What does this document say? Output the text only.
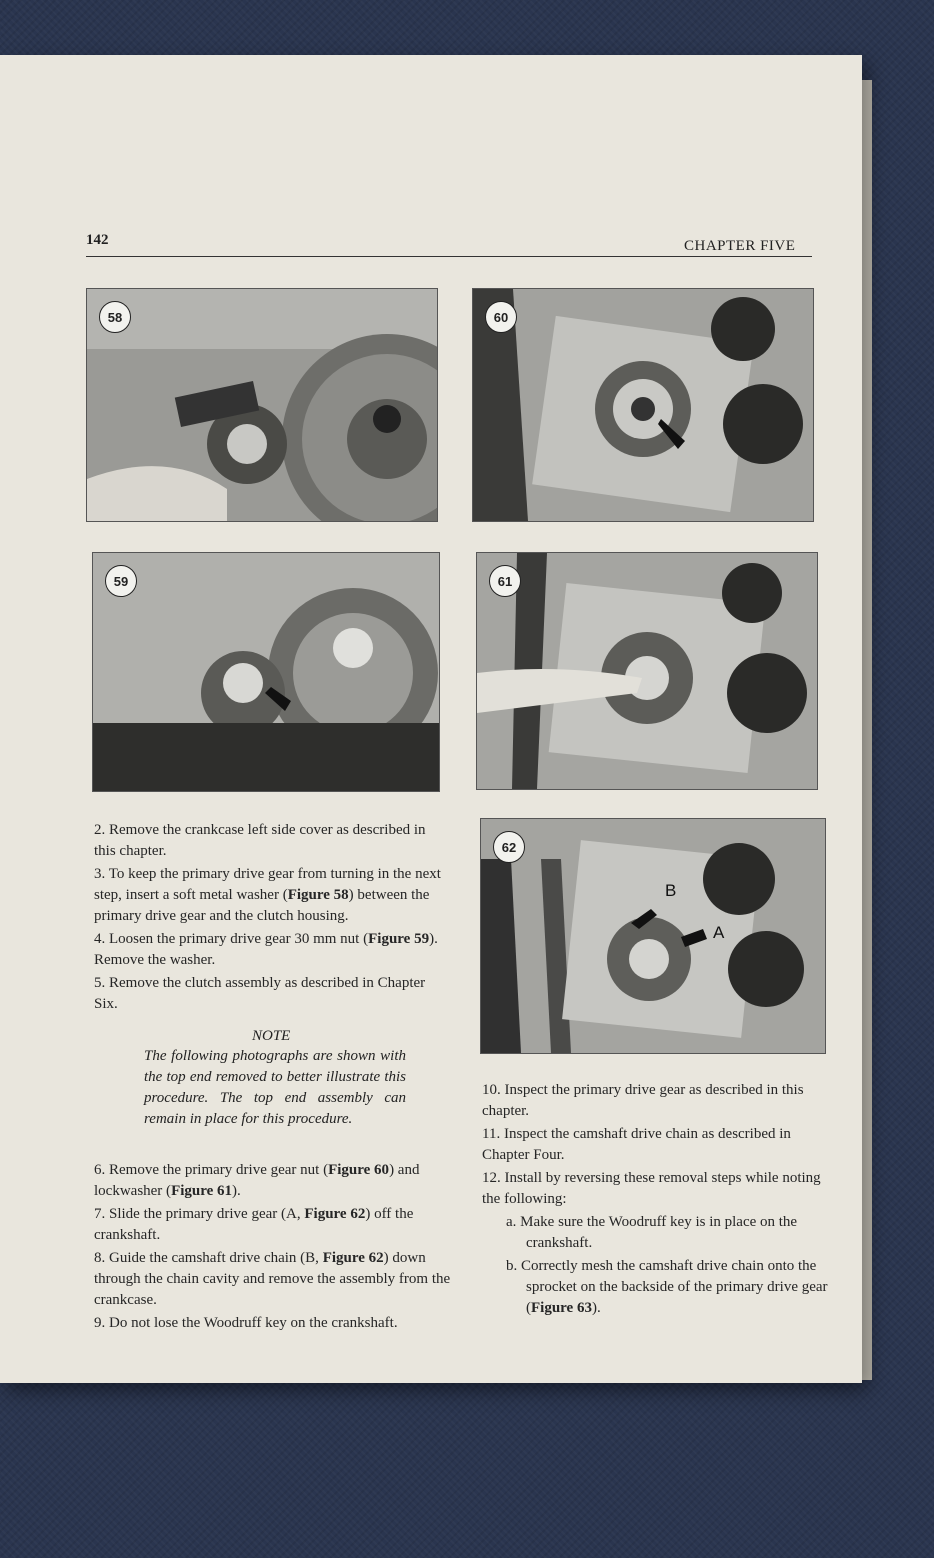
142	CHAPTER FIVE
58	60
59	61
62
B
A

2. Remove the crankcase left side cover as described in this chapter.

3. To keep the primary drive gear from turning in the next step, insert a soft metal washer (Figure 58) between the primary drive gear and the clutch housing.

4. Loosen the primary drive gear 30 mm nut (Figure 59). Remove the washer.

5. Remove the clutch assembly as described in Chapter Six.

NOTE
The following photographs are shown with the top end removed to better illustrate this procedure. The top end assembly can remain in place for this procedure.

6. Remove the primary drive gear nut (Figure 60) and lockwasher (Figure 61).

7. Slide the primary drive gear (A, Figure 62) off the crankshaft.

8. Guide the camshaft drive chain (B, Figure 62) down through the chain cavity and remove the assembly from the crankcase.

9. Do not lose the Woodruff key on the crankshaft.

10. Inspect the primary drive gear as described in this chapter.

11. Inspect the camshaft drive chain as described in Chapter Four.

12. Install by reversing these removal steps while noting the following:

a. Make sure the Woodruff key is in place on the crankshaft.

b. Correctly mesh the camshaft drive chain onto the sprocket on the backside of the primary drive gear (Figure 63).
